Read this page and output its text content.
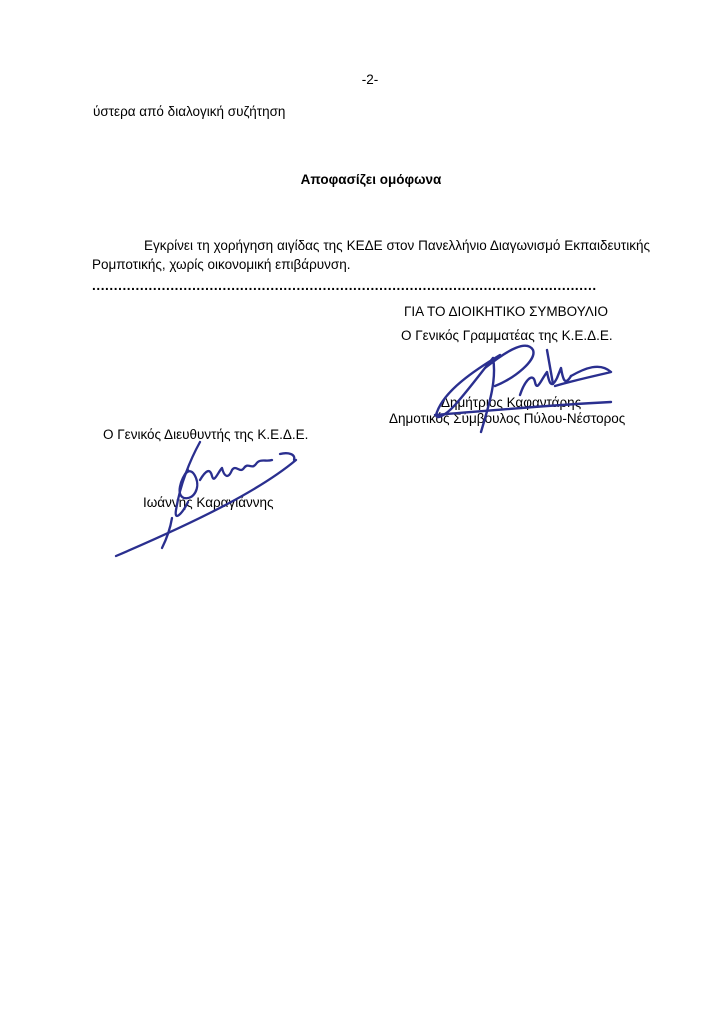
-2-
ύστερα από διαλογική συζήτηση
Αποφασίζει ομόφωνα
Εγκρίνει τη χορήγηση αιγίδας της ΚΕΔΕ στον Πανελλήνιο Διαγωνισμό Εκπαιδευτικής Ρομποτικής, χωρίς οικονομική επιβάρυνση.
....................................................................................................................
ΓΙΑ ΤΟ ΔΙΟΙΚΗΤΙΚΟ ΣΥΜΒΟΥΛΙΟ
Ο Γενικός Γραμματέας της Κ.Ε.Δ.Ε.
Δημήτριος Καφαντάρης
Δημοτικός Σύμβουλος Πύλου-Νέστορος
Ο Γενικός Διευθυντής της Κ.Ε.Δ.Ε.
Ιωάννης Καραγιάννης
